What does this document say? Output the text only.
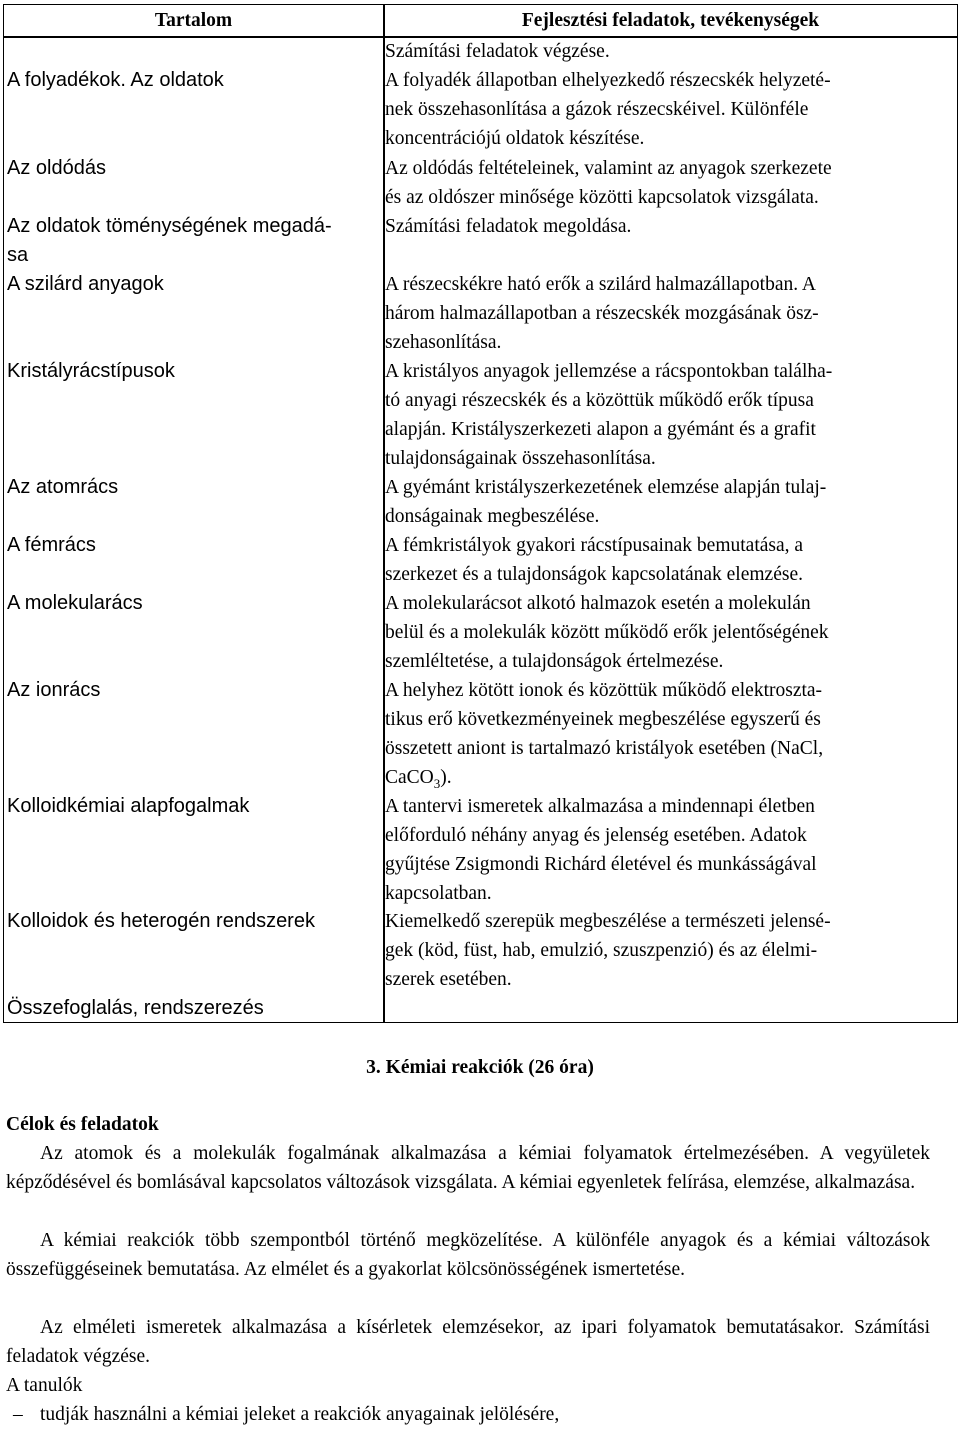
Tartalom	Fejlesztési feladatok, tevékenységek
A folyadékok. Az oldatok
Az oldódás
Az oldatok töménységének megadá-
sa
A szilárd anyagok
Kristályrácstípusok
Az atomrács
A fémrács
A molekularács
Az ionrács
Kolloidkémiai alapfogalmak
Kolloidok és heterogén rendszerek
Összefoglalás, rendszerezés
Számítási feladatok végzése.
A folyadék állapotban elhelyezkedő részecskék helyzeté-
nek összehasonlítása a gázok részecskéivel. Különféle
koncentrációjú oldatok készítése.
Az oldódás feltételeinek, valamint az anyagok szerkezete
és az oldószer minősége közötti kapcsolatok vizsgálata.
Számítási feladatok megoldása.
A részecskékre ható erők a szilárd halmazállapotban. A
három halmazállapotban a részecskék mozgásának ösz-
szehasonlítása.
A kristályos anyagok jellemzése a rácspontokban találha-
tó anyagi részecskék és a közöttük működő erők típusa
alapján. Kristályszerkezeti alapon a gyémánt és a grafit
tulajdonságainak összehasonlítása.
A gyémánt kristályszerkezetének elemzése alapján tulaj-
donságainak megbeszélése.
A fémkristályok gyakori rácstípusainak bemutatása, a
szerkezet és a tulajdonságok kapcsolatának elemzése.
A molekularácsot alkotó halmazok esetén a molekulán
belül és a molekulák között működő erők jelentőségének
szemléltetése, a tulajdonságok értelmezése.
A helyhez kötött ionok és közöttük működő elektroszta-
tikus erő következményeinek megbeszélése egyszerű és
összetett aniont is tartalmazó kristályok esetében (NaCl,
CaCO$_3$).
A tantervi ismeretek alkalmazása a mindennapi életben
előforduló néhány anyag és jelenség esetében. Adatok
gyűjtése Zsigmondi Richárd életével és munkásságával
kapcsolatban.
Kiemelkedő szerepük megbeszélése a természeti jelensé-
gek (köd, füst, hab, emulzió, szuszpenzió) és az élelmi-
szerek esetében.
3. Kémiai reakciók (26 óra)
Célok és feladatok
Az atomok és a molekulák fogalmának alkalmazása a kémiai folyamatok értelmezésében. A vegyületek képződésével és bomlásával kapcsolatos változások vizsgálata. A kémiai egyenletek felírása, elemzése, alkalmazása.
A kémiai reakciók több szempontból történő megközelítése. A különféle anyagok és a kémiai változások összefüggéseinek bemutatása. Az elmélet és a gyakorlat kölcsönösségének ismertetése.
Az elméleti ismeretek alkalmazása a kísérletek elemzésekor, az ipari folyamatok bemutatásakor. Számítási feladatok végzése.
A tanulók
– tudják használni a kémiai jeleket a reakciók anyagainak jelölésére,
